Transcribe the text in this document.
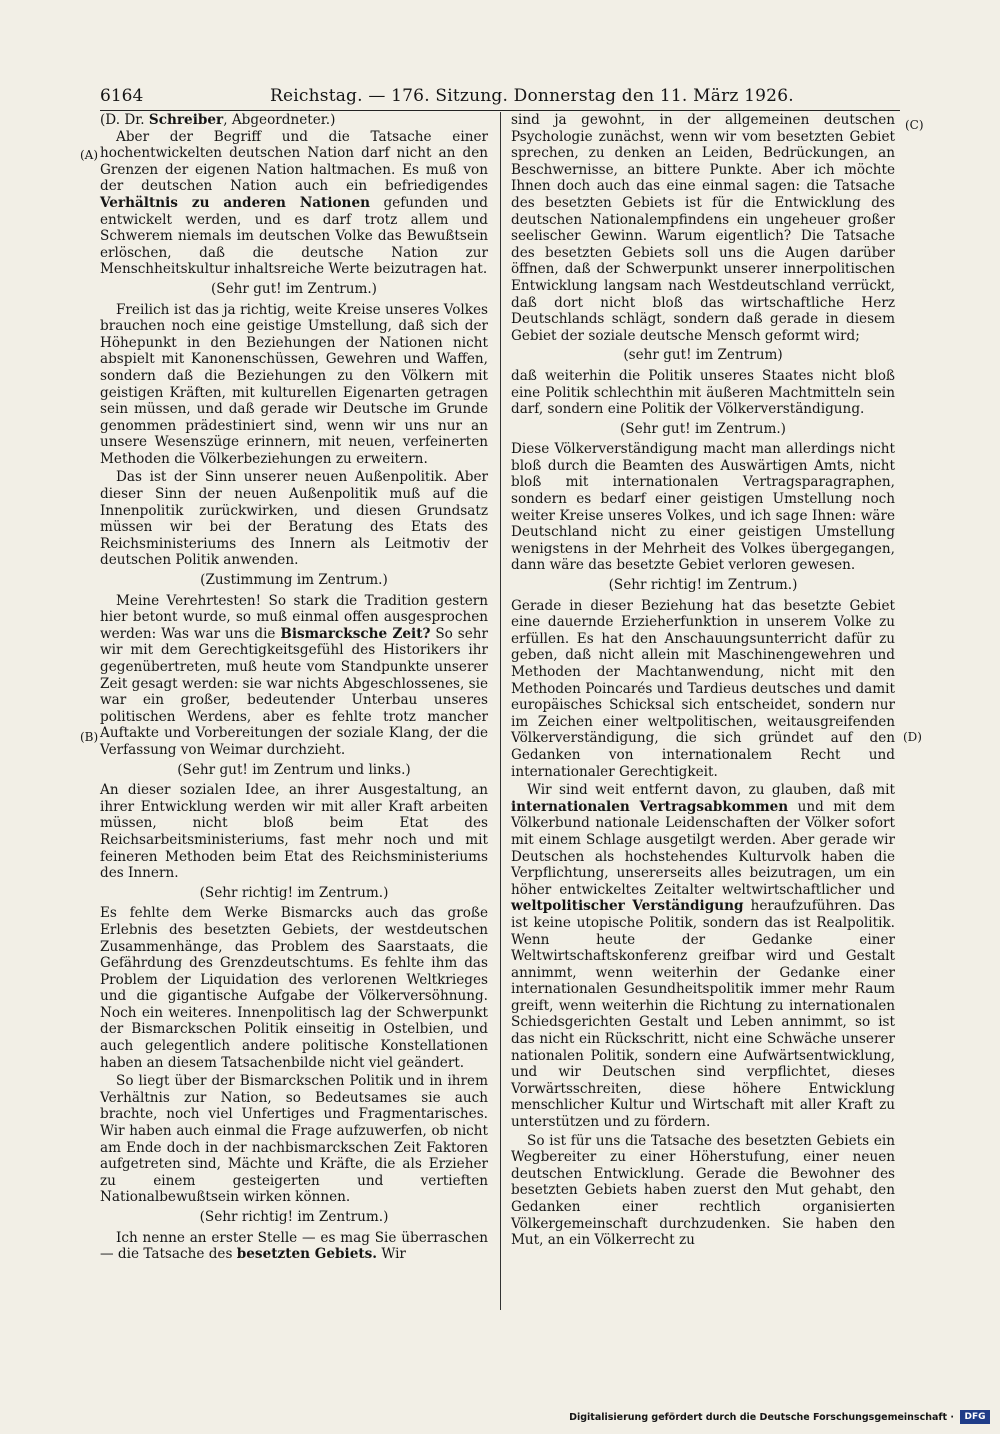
6164	Reichstag. — 176. Sitzung. Donnerstag den 11. März 1926.
(A)
(B)
(C)
(D)

(D. Dr. Schreiber, Abgeordneter.)

Aber der Begriff und die Tatsache einer hochentwickelten deutschen Nation darf nicht an den Grenzen der eigenen Nation haltmachen. Es muß von der deutschen Nation auch ein befriedigendes Verhältnis zu anderen Nationen gefunden und entwickelt werden, und es darf trotz allem und Schwerem niemals im deutschen Volke das Bewußtsein erlöschen, daß die deutsche Nation zur Menschheitskultur inhaltsreiche Werte beizutragen hat.

(Sehr gut! im Zentrum.)

Freilich ist das ja richtig, weite Kreise unseres Volkes brauchen noch eine geistige Umstellung, daß sich der Höhepunkt in den Beziehungen der Nationen nicht abspielt mit Kanonenschüssen, Gewehren und Waffen, sondern daß die Beziehungen zu den Völkern mit geistigen Kräften, mit kulturellen Eigenarten getragen sein müssen, und daß gerade wir Deutsche im Grunde genommen prädestiniert sind, wenn wir uns nur an unsere Wesenszüge erinnern, mit neuen, verfeinerten Methoden die Völkerbeziehungen zu erweitern.

Das ist der Sinn unserer neuen Außenpolitik. Aber dieser Sinn der neuen Außenpolitik muß auf die Innenpolitik zurückwirken, und diesen Grundsatz müssen wir bei der Beratung des Etats des Reichsministeriums des Innern als Leitmotiv der deutschen Politik anwenden.

(Zustimmung im Zentrum.)

Meine Verehrtesten! So stark die Tradition gestern hier betont wurde, so muß einmal offen ausgesprochen werden: Was war uns die Bismarcksche Zeit? So sehr wir mit dem Gerechtigkeitsgefühl des Historikers ihr gegenübertreten, muß heute vom Standpunkte unserer Zeit gesagt werden: sie war nichts Abgeschlossenes, sie war ein großer, bedeutender Unterbau unseres politischen Werdens, aber es fehlte trotz mancher Auftakte und Vorbereitungen der soziale Klang, der die Verfassung von Weimar durchzieht.

(Sehr gut! im Zentrum und links.)

An dieser sozialen Idee, an ihrer Ausgestaltung, an ihrer Entwicklung werden wir mit aller Kraft arbeiten müssen, nicht bloß beim Etat des Reichsarbeitsministeriums, fast mehr noch und mit feineren Methoden beim Etat des Reichsministeriums des Innern.

(Sehr richtig! im Zentrum.)

Es fehlte dem Werke Bismarcks auch das große Erlebnis des besetzten Gebiets, der westdeutschen Zusammenhänge, das Problem des Saarstaats, die Gefährdung des Grenzdeutschtums. Es fehlte ihm das Problem der Liquidation des verlorenen Weltkrieges und die gigantische Aufgabe der Völkerversöhnung. Noch ein weiteres. Innenpolitisch lag der Schwerpunkt der Bismarckschen Politik einseitig in Ostelbien, und auch gelegentlich andere politische Konstellationen haben an diesem Tatsachenbilde nicht viel geändert.

So liegt über der Bismarckschen Politik und in ihrem Verhältnis zur Nation, so Bedeutsames sie auch brachte, noch viel Unfertiges und Fragmentarisches. Wir haben auch einmal die Frage aufzuwerfen, ob nicht am Ende doch in der nachbismarckschen Zeit Faktoren aufgetreten sind, Mächte und Kräfte, die als Erzieher zu einem gesteigerten und vertieften Nationalbewußtsein wirken können.

(Sehr richtig! im Zentrum.)

Ich nenne an erster Stelle — es mag Sie überraschen — die Tatsache des besetzten Gebiets. Wir

sind ja gewohnt, in der allgemeinen deutschen Psychologie zunächst, wenn wir vom besetzten Gebiet sprechen, zu denken an Leiden, Bedrückungen, an Beschwernisse, an bittere Punkte. Aber ich möchte Ihnen doch auch das eine einmal sagen: die Tatsache des besetzten Gebiets ist für die Entwicklung des deutschen Nationalempfindens ein ungeheuer großer seelischer Gewinn. Warum eigentlich? Die Tatsache des besetzten Gebiets soll uns die Augen darüber öffnen, daß der Schwerpunkt unserer innerpolitischen Entwicklung langsam nach Westdeutschland verrückt, daß dort nicht bloß das wirtschaftliche Herz Deutschlands schlägt, sondern daß gerade in diesem Gebiet der soziale deutsche Mensch geformt wird;

(sehr gut! im Zentrum)

daß weiterhin die Politik unseres Staates nicht bloß eine Politik schlechthin mit äußeren Machtmitteln sein darf, sondern eine Politik der Völkerverständigung.

(Sehr gut! im Zentrum.)

Diese Völkerverständigung macht man allerdings nicht bloß durch die Beamten des Auswärtigen Amts, nicht bloß mit internationalen Vertragsparagraphen, sondern es bedarf einer geistigen Umstellung noch weiter Kreise unseres Volkes, und ich sage Ihnen: wäre Deutschland nicht zu einer geistigen Umstellung wenigstens in der Mehrheit des Volkes übergegangen, dann wäre das besetzte Gebiet verloren gewesen.

(Sehr richtig! im Zentrum.)

Gerade in dieser Beziehung hat das besetzte Gebiet eine dauernde Erzieherfunktion in unserem Volke zu erfüllen. Es hat den Anschauungsunterricht dafür zu geben, daß nicht allein mit Maschinengewehren und Methoden der Machtanwendung, nicht mit den Methoden Poincarés und Tardieus deutsches und damit europäisches Schicksal sich entscheidet, sondern nur im Zeichen einer weltpolitischen, weitausgreifenden Völkerverständigung, die sich gründet auf den Gedanken von internationalem Recht und internationaler Gerechtigkeit.

Wir sind weit entfernt davon, zu glauben, daß mit internationalen Vertragsabkommen und mit dem Völkerbund nationale Leidenschaften der Völker sofort mit einem Schlage ausgetilgt werden. Aber gerade wir Deutschen als hochstehendes Kulturvolk haben die Verpflichtung, unsererseits alles beizutragen, um ein höher entwickeltes Zeitalter weltwirtschaftlicher und weltpolitischer Verständigung heraufzuführen. Das ist keine utopische Politik, sondern das ist Realpolitik. Wenn heute der Gedanke einer Weltwirtschaftskonferenz greifbar wird und Gestalt annimmt, wenn weiterhin der Gedanke einer internationalen Gesundheitspolitik immer mehr Raum greift, wenn weiterhin die Richtung zu internationalen Schiedsgerichten Gestalt und Leben annimmt, so ist das nicht ein Rückschritt, nicht eine Schwäche unserer nationalen Politik, sondern eine Aufwärtsentwicklung, und wir Deutschen sind verpflichtet, dieses Vorwärtsschreiten, diese höhere Entwicklung menschlicher Kultur und Wirtschaft mit aller Kraft zu unterstützen und zu fördern.

So ist für uns die Tatsache des besetzten Gebiets ein Wegbereiter zu einer Höherstufung, einer neuen deutschen Entwicklung. Gerade die Bewohner des besetzten Gebiets haben zuerst den Mut gehabt, den Gedanken einer rechtlich organisierten Völkergemeinschaft durchzudenken. Sie haben den Mut, an ein Völkerrecht zu

Digitalisierung gefördert durch die Deutsche Forschungsgemeinschaft ·	DFG
